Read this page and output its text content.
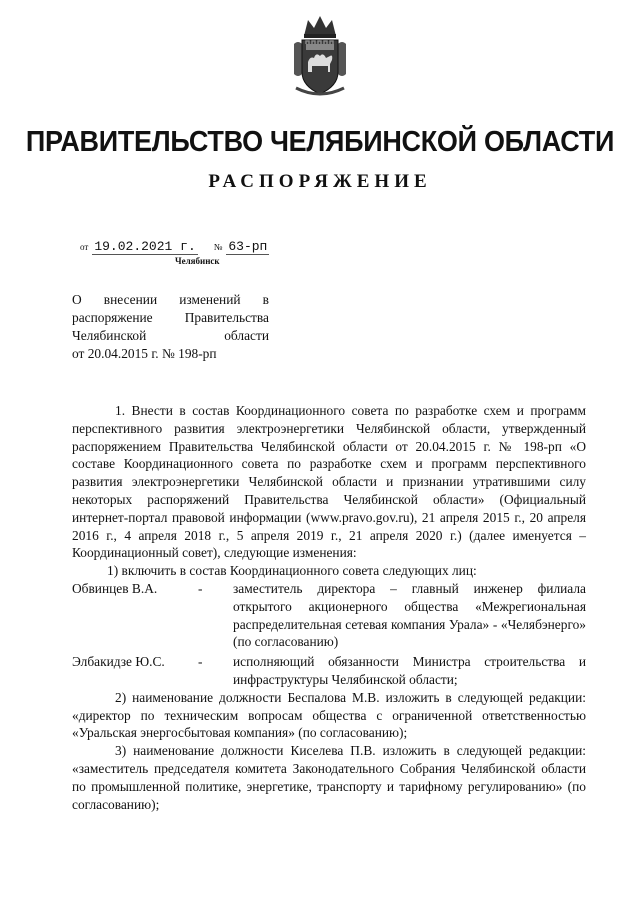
ПРАВИТЕЛЬСТВО ЧЕЛЯБИНСКОЙ ОБЛАСТИ
РАСПОРЯЖЕНИЕ
от 19.02.2021 г. № 63-рп
Челябинск
О внесении изменений в
распоряжение Правительства
Челябинской области
от 20.04.2015 г. № 198-рп
1. Внести в состав Координационного совета по разработке схем и программ перспективного развития электроэнергетики Челябинской области, утвержденный распоряжением Правительства Челябинской области от 20.04.2015 г. № 198-рп «О составе Координационного совета по разработке схем и программ перспективного развития электроэнергетики Челябинской области и признании утратившими силу некоторых распоряжений Правительства Челябинской области» (Официальный интернет-портал правовой информации (www.pravo.gov.ru), 21 апреля 2015 г., 20 апреля 2016 г., 4 апреля 2018 г., 5 апреля 2019 г., 21 апреля 2020 г.) (далее именуется – Координационный совет), следующие изменения:
1) включить в состав Координационного совета следующих лиц:
Обвинцев В.А.	-	заместитель директора – главный инженер филиала открытого акционерного общества «Межрегиональная распределительная сетевая компания Урала» - «Челябэнерго» (по согласованию)
Элбакидзе Ю.С.	-	исполняющий обязанности Министра строительства и инфраструктуры Челябинской области;
2) наименование должности Беспалова М.В. изложить в следующей редакции: «директор по техническим вопросам общества с ограниченной ответственностью «Уральская энергосбытовая компания» (по согласованию);
3) наименование должности Киселева П.В. изложить в следующей редакции: «заместитель председателя комитета Законодательного Собрания Челябинской области по промышленной политике, энергетике, транспорту и тарифному регулированию» (по согласованию);
